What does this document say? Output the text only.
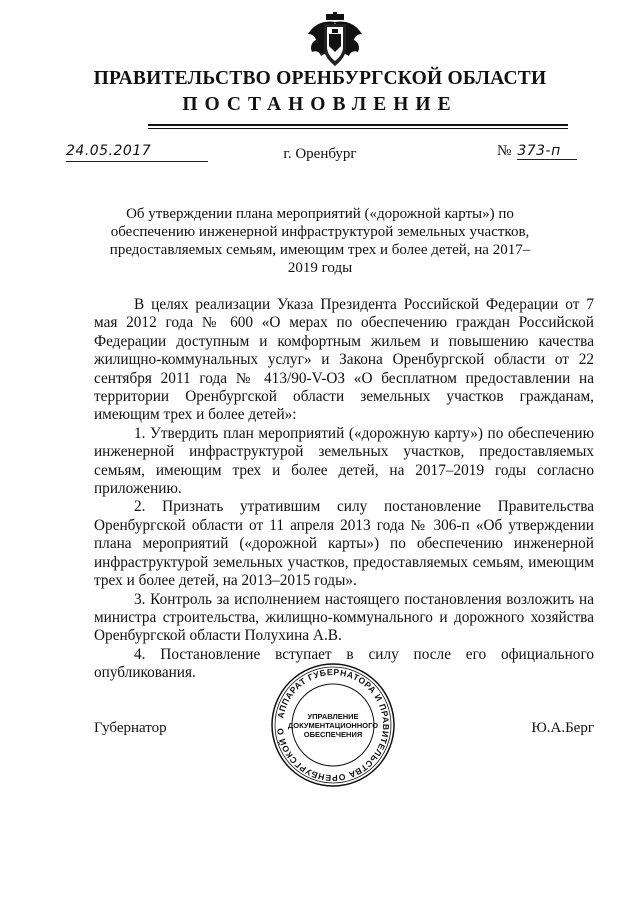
ПРАВИТЕЛЬСТВО ОРЕНБУРГСКОЙ ОБЛАСТИ
ПОСТАНОВЛЕНИЕ
24.05.2017	г. Оренбург	№ 373-п
Об утверждении плана мероприятий («дорожной карты») по обеспечению инженерной инфраструктурой земельных участков, предоставляемых семьям, имеющим трех и более детей, на 2017–2019 годы

В целях реализации Указа Президента Российской Федерации от 7 мая 2012 года № 600 «О мерах по обеспечению граждан Российской Федерации доступным и комфортным жильем и повышению качества жилищно-коммунальных услуг» и Закона Оренбургской области от 22 сентября 2011 года № 413/90-V-ОЗ «О бесплатном предоставлении на территории Оренбургской области земельных участков гражданам, имеющим трех и более детей»:

1. Утвердить план мероприятий («дорожную карту») по обеспечению инженерной инфраструктурой земельных участков, предоставляемых семьям, имеющим трех и более детей, на 2017–2019 годы согласно приложению.

2. Признать утратившим силу постановление Правительства Оренбургской области от 11 апреля 2013 года № 306-п «Об утверждении плана мероприятий («дорожной карты») по обеспечению инженерной инфраструктурой земельных участков, предоставляемых семьям, имеющим трех и более детей, на 2013–2015 годы».

3. Контроль за исполнением настоящего постановления возложить на министра строительства, жилищно-коммунального и дорожного хозяйства Оренбургской области Полухина А.В.

4. Постановление вступает в силу после его официального опубликования.

Губернатор	Ю.А.Берг
АППАРАТ ГУБЕРНАТОРА И ПРАВИТЕЛЬСТВА ОРЕНБУРГСКОЙ О
УПРАВЛЕНИЕ
ДОКУМЕНТАЦИОННОГО
ОБЕСПЕЧЕНИЯ
